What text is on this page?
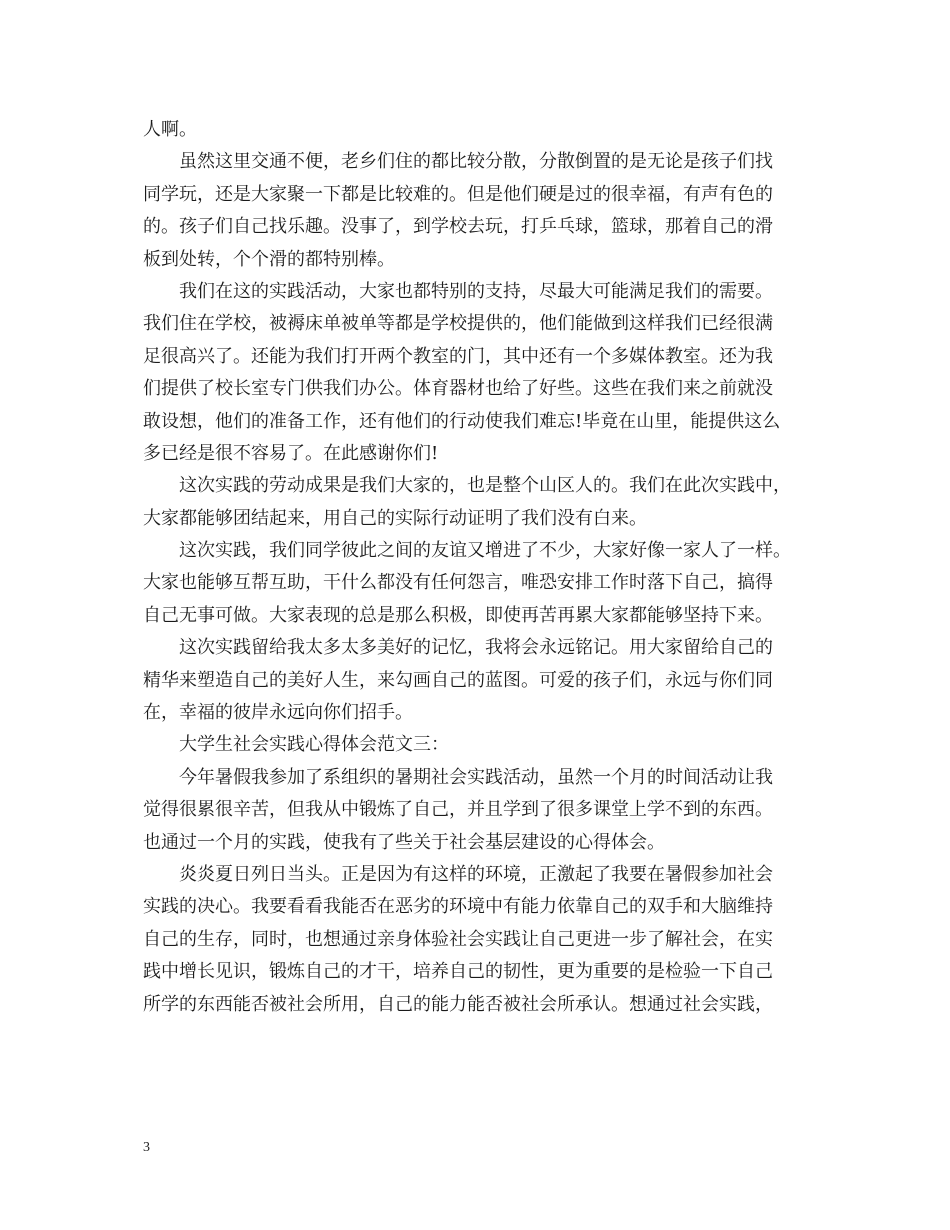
人啊。
虽然这里交通不便，老乡们住的都比较分散，分散倒置的是无论是孩子们找
同学玩，还是大家聚一下都是比较难的。但是他们硬是过的很幸福，有声有色的
的。孩子们自己找乐趣。没事了，到学校去玩，打乒乓球，篮球，那着自己的滑
板到处转，个个滑的都特别棒。
我们在这的实践活动，大家也都特别的支持，尽最大可能满足我们的需要。
我们住在学校，被褥床单被单等都是学校提供的，他们能做到这样我们已经很满
足很高兴了。还能为我们打开两个教室的门，其中还有一个多媒体教室。还为我
们提供了校长室专门供我们办公。体育器材也给了好些。这些在我们来之前就没
敢设想，他们的准备工作，还有他们的行动使我们难忘!毕竟在山里，能提供这么
多已经是很不容易了。在此感谢你们!
这次实践的劳动成果是我们大家的，也是整个山区人的。我们在此次实践中，
大家都能够团结起来，用自己的实际行动证明了我们没有白来。
这次实践，我们同学彼此之间的友谊又增进了不少，大家好像一家人了一样。
大家也能够互帮互助，干什么都没有任何怨言，唯恐安排工作时落下自己，搞得
自己无事可做。大家表现的总是那么积极，即使再苦再累大家都能够坚持下来。
这次实践留给我太多太多美好的记忆，我将会永远铭记。用大家留给自己的
精华来塑造自己的美好人生，来勾画自己的蓝图。可爱的孩子们，永远与你们同
在，幸福的彼岸永远向你们招手。
大学生社会实践心得体会范文三：
今年暑假我参加了系组织的暑期社会实践活动，虽然一个月的时间活动让我
觉得很累很辛苦，但我从中锻炼了自己，并且学到了很多课堂上学不到的东西。
也通过一个月的实践，使我有了些关于社会基层建设的心得体会。
炎炎夏日列日当头。正是因为有这样的环境，正激起了我要在暑假参加社会
实践的决心。我要看看我能否在恶劣的环境中有能力依靠自己的双手和大脑维持
自己的生存，同时，也想通过亲身体验社会实践让自己更进一步了解社会，在实
践中增长见识，锻炼自己的才干，培养自己的韧性，更为重要的是检验一下自己
所学的东西能否被社会所用，自己的能力能否被社会所承认。想通过社会实践，
3
